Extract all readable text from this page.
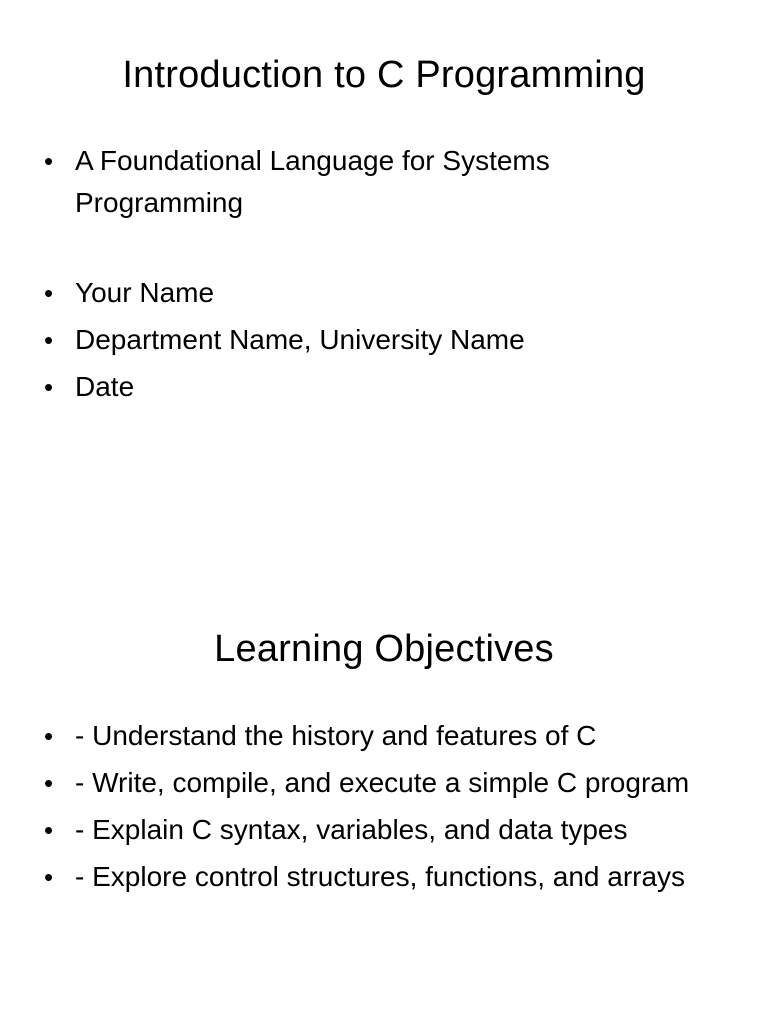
Introduction to C Programming
• A Foundational Language for Systems Programming
• Your Name
• Department Name, University Name
• Date
Learning Objectives
• - Understand the history and features of C
• - Write, compile, and execute a simple C program
• - Explain C syntax, variables, and data types
• - Explore control structures, functions, and arrays
